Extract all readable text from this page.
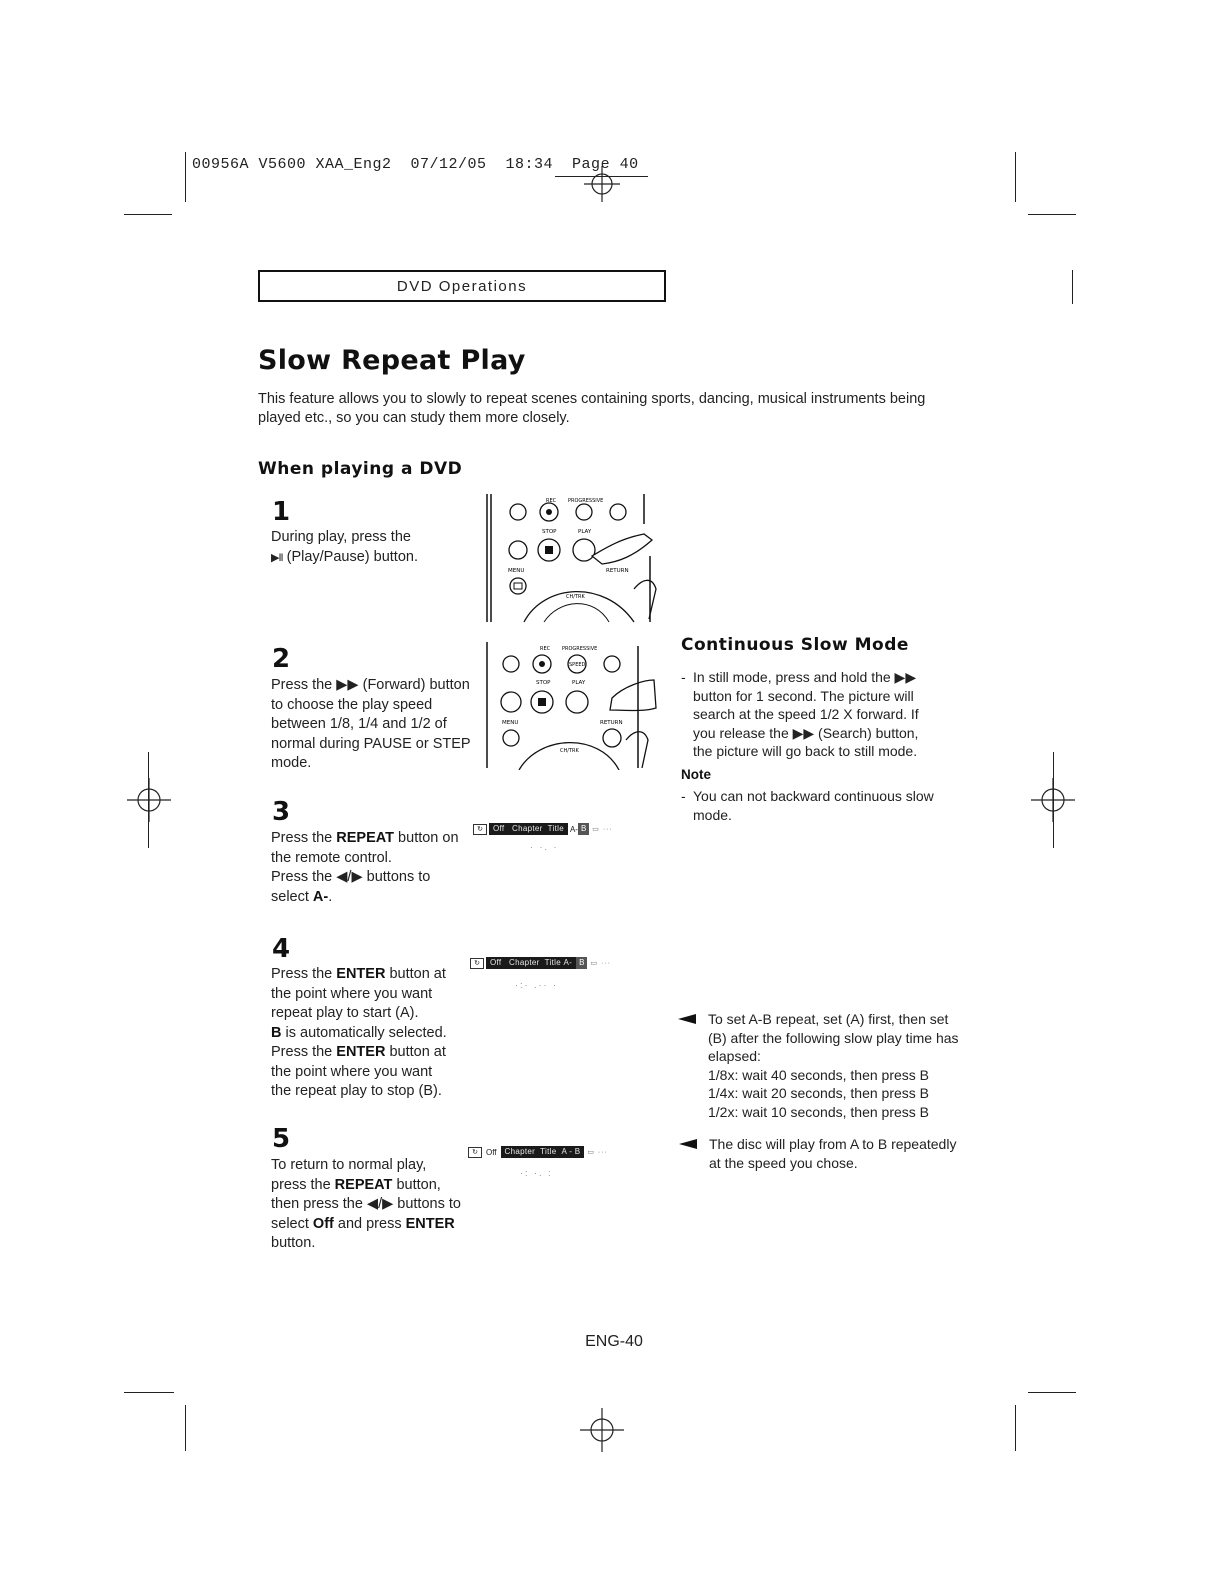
00956A V5600 XAA_Eng2  07/12/05  18:34  Page 40
DVD Operations
Slow Repeat Play
This feature allows you to slowly to repeat scenes containing sports, dancing, musical instruments being played etc., so you can study them more closely.
When playing a DVD
1
During play, press the
▶II (Play/Pause) button.
REC PROGRESSIVE
STOP	PLAY
MENU	RETURN
CH/TRK
2
Press the ▶▶ (Forward) button to choose the play speed between 1/8, 1/4 and 1/2 of normal during PAUSE or STEP mode.
REC PROGRESSIVE
SPEED
STOP	PLAY
MENU	RETURN
CH/TRK
3
Press the REPEAT button on the remote control.
Press the ◀/▶ buttons to select A-.
↻	Off Chapter Title A- B ▭ ···
· ·. ·
4
Press the ENTER button at the point where you want repeat play to start (A).
B is automatically selected.
Press the ENTER button at the point where you want the repeat play to stop (B).
↻	Off Chapter Title A- B ▭ ···
·:· .·· ·
5
To return to normal play, press the REPEAT button, then press the ◀/▶ buttons to select Off and press ENTER button.
↻	Off	Chapter Title A - B	▭ ···
·: ·. :
Continuous Slow Mode
- In still mode, press and hold the ▶▶ button for 1 second. The picture will search at the speed 1/2 X forward. If you release the ▶▶ (Search) button, the picture will go back to still mode.
Note
- You can not backward continuous slow mode.
To set A-B repeat, set (A) first, then set (B) after the following slow play time has elapsed:
1/8x: wait 40 seconds, then press B
1/4x: wait 20 seconds, then press B
1/2x: wait 10 seconds, then press B
The disc will play from A to B repeatedly at the speed you chose.
ENG-40
